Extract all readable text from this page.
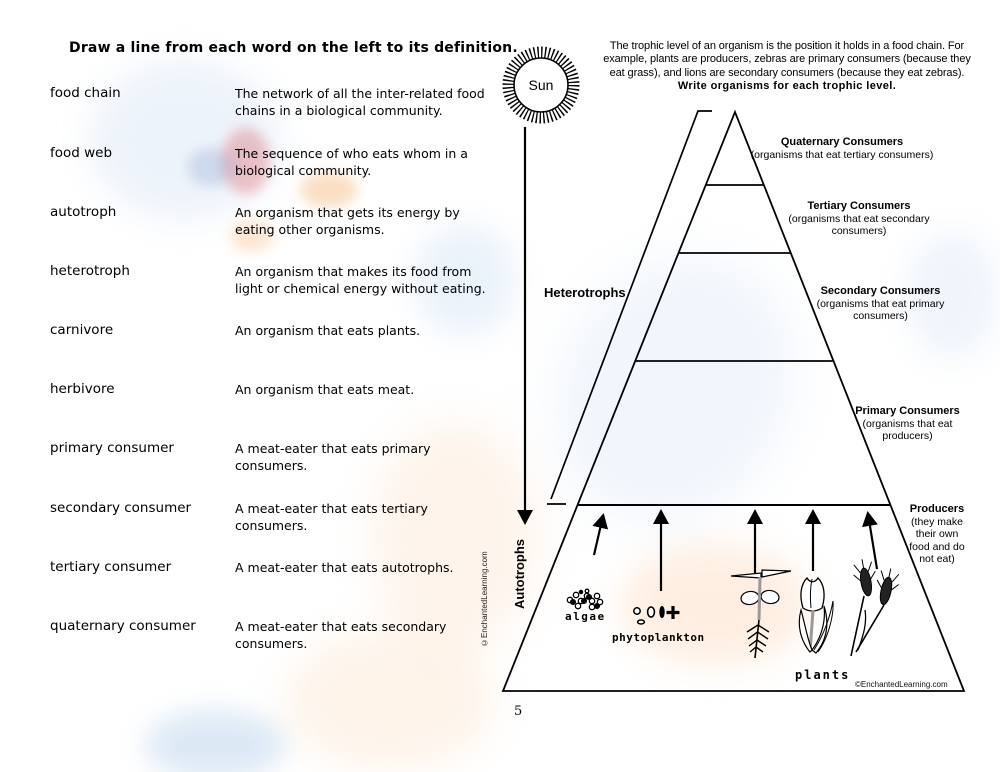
Draw a line from each word on the left to its definition.
food chain	The network of all the inter-related food chains in a biological community.
food web	The sequence of who eats whom in a biological community.
autotroph	An organism that gets its energy by eating other organisms.
heterotroph	An organism that makes its food from light or chemical energy without eating.
carnivore	An organism that eats plants.
herbivore	An organism that eats meat.
primary consumer	A meat-eater that eats primary consumers.
secondary consumer	A meat-eater that eats tertiary consumers.
tertiary consumer	A meat-eater that eats autotrophs.
quaternary consumer	A meat-eater that eats secondary consumers.	©EnchantedLearning.com
5
The trophic level of an organism is the position it holds in a food chain. For
example, plants are producers, zebras are primary consumers (because they
eat grass), and lions are secondary consumers (because they eat zebras).
Write organisms for each trophic level.
Sun
Heterotrophs
Autotrophs
Quaternary Consumers
(organisms that eat tertiary consumers)
Tertiary Consumers
(organisms that eat secondary consumers)
Secondary Consumers
(organisms that eat primary consumers)
Primary Consumers
(organisms that eat producers)
Producers
(they make their own food and do not eat)
algae
phytoplankton
plants
©EnchantedLearning.com
